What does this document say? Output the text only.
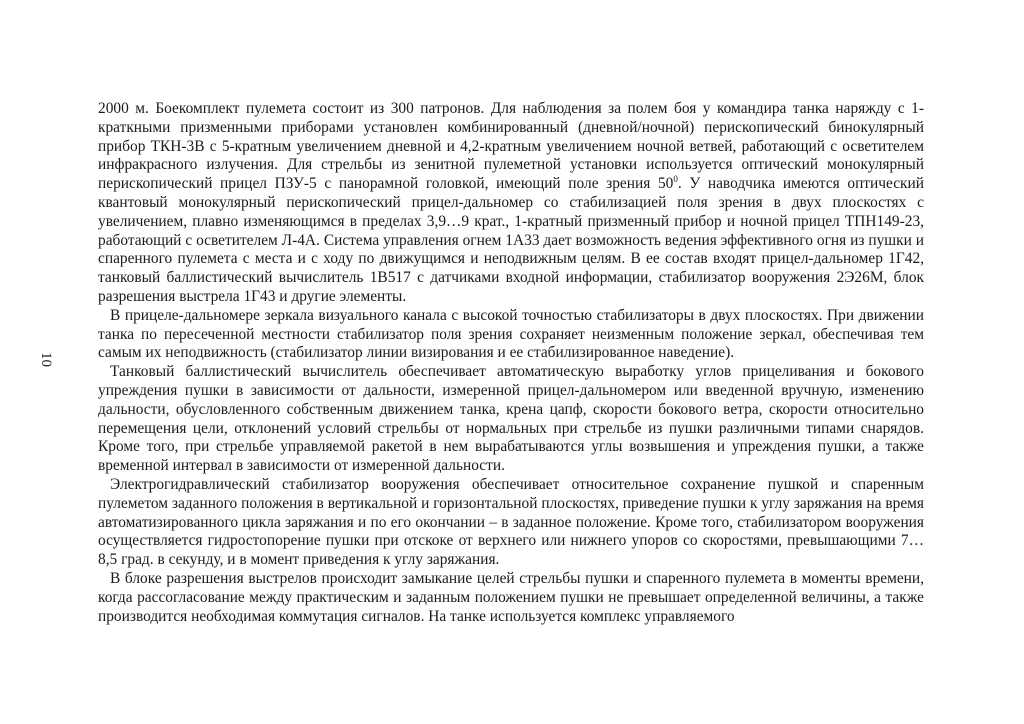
10

2000 м. Боекомплект пулемета состоит из 300 патронов. Для наблюдения за полем боя у командира танка наряжду с 1-краткными призменными приборами установлен комбинированный (дневной/ночной) перископический бинокулярный прибор ТКН-3В с 5-кратным увеличением дневной и 4,2-кратным увеличением ночной ветвей, работающий с осветителем инфракрасного излучения. Для стрельбы из зенитной пулеметной установки используется оптический монокулярный перископический прицел ПЗУ-5 с панорамной головкой, имеющий поле зрения $50^0$. У наводчика имеются оптический квантовый монокулярный перископический прицел-дальномер со стабилизацией поля зрения в двух плоскостях с увеличением, плавно изменяющимся в пределах 3,9…9 крат., 1-кратный призменный прибор и ночной прицел ТПН149-23, работающий с осветителем Л-4А. Система управления огнем 1А33 дает возможность ведения эффективного огня из пушки и спаренного пулемета с места и с ходу по движущимся и неподвижным целям. В ее состав входят прицел-дальномер 1Г42, танковый баллистический вычислитель 1В517 с датчиками входной информации, стабилизатор вооружения 2Э26М, блок разрешения выстрела 1Г43 и другие элементы.

В прицеле-дальномере зеркала визуального канала с высокой точностью стабилизаторы в двух плоскостях. При движении танка по пересеченной местности стабилизатор поля зрения сохраняет неизменным положение зеркал, обеспечивая тем самым их неподвижность (стабилизатор линии визирования и ее стабилизированное наведение).

Танковый баллистический вычислитель обеспечивает автоматическую выработку углов прицеливания и бокового упреждения пушки в зависимости от дальности, измеренной прицел-дальномером или введенной вручную, изменению дальности, обусловленного собственным движением танка, крена цапф, скорости бокового ветра, скорости относительно перемещения цели, отклонений условий стрельбы от нормальных при стрельбе из пушки различными типами снарядов. Кроме того, при стрельбе управляемой ракетой в нем вырабатываются углы возвышения и упреждения пушки, а также временной интервал в зависимости от измеренной дальности.

Электрогидравлический стабилизатор вооружения обеспечивает относительное сохранение пушкой и спаренным пулеметом заданного положения в вертикальной и горизонтальной плоскостях, приведение пушки к углу заряжания на время автоматизированного цикла заряжания и по его окончании – в заданное положение. Кроме того, стабилизатором вооружения осуществляется гидростопорение пушки при отскоке от верхнего или нижнего упоров со скоростями, превышающими 7…8,5 град. в секунду, и в момент приведения к углу заряжания.

В блоке разрешения выстрелов происходит замыкание целей стрельбы пушки и спаренного пулемета в моменты времени, когда рассогласование между практическим и заданным положением пушки не превышает определенной величины, а также производится необходимая коммутация сигналов. На танке используется комплекс управляемого
